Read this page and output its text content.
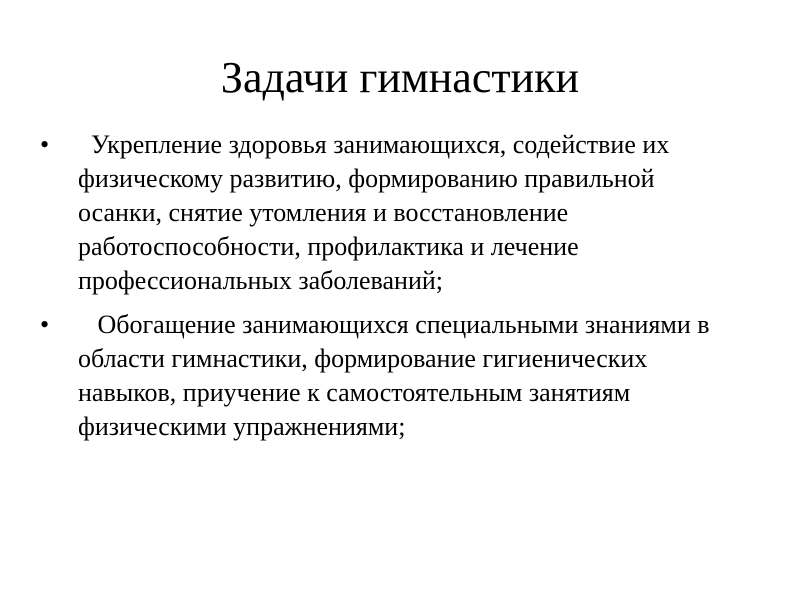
Задачи гимнастики
•	Укрепление здоровья занимающихся, содействие их физическому развитию, формированию правильной осанки, снятие утомления и восстановление работоспособности, профилактика и лечение профессиональных заболеваний;
•	Обогащение занимающихся специальными знаниями в области гимнастики, формирование гигиенических навыков, приучение к самостоятельным занятиям физическими упражнениями;
